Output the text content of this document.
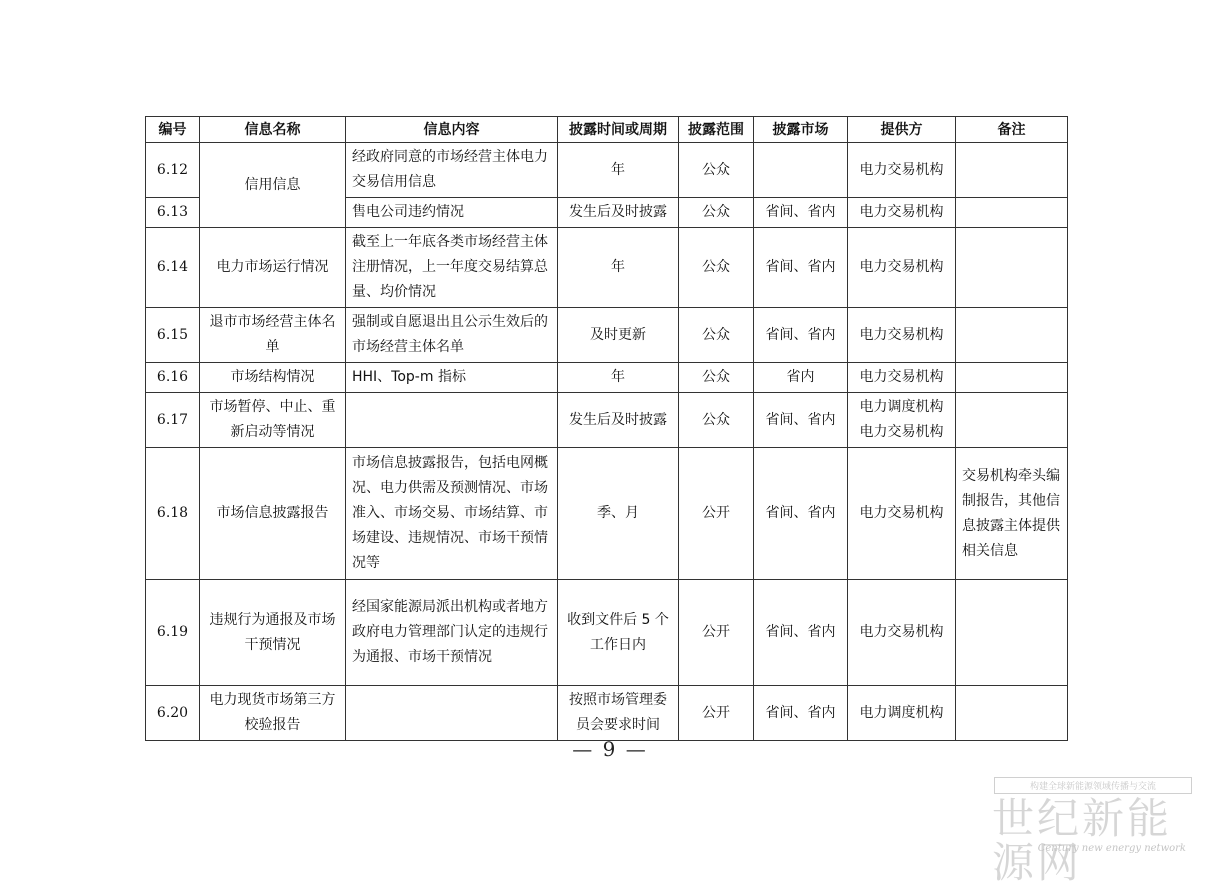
编号	信息名称	信息内容	披露时间或周期	披露范围	披露市场	提供方	备注
6.12	信用信息	经政府同意的市场经营主体电力交易信用信息	年	公众		电力交易机构	
6.13		售电公司违约情况	发生后及时披露	公众	省间、省内	电力交易机构	
6.14	电力市场运行情况	截至上一年底各类市场经营主体注册情况，上一年度交易结算总量、均价情况	年	公众	省间、省内	电力交易机构	
6.15	退市市场经营主体名单	强制或自愿退出且公示生效后的市场经营主体名单	及时更新	公众	省间、省内	电力交易机构	
6.16	市场结构情况	HHI、Top-m 指标	年	公众	省内	电力交易机构	
6.17	市场暂停、中止、重新启动等情况		发生后及时披露	公众	省间、省内	电力调度机构电力交易机构	
6.18	市场信息披露报告	市场信息披露报告，包括电网概况、电力供需及预测情况、市场准入、市场交易、市场结算、市场建设、违规情况、市场干预情况等	季、月	公开	省间、省内	电力交易机构	交易机构牵头编制报告，其他信息披露主体提供相关信息
6.19	违规行为通报及市场干预情况	经国家能源局派出机构或者地方政府电力管理部门认定的违规行为通报、市场干预情况	收到文件后 5 个工作日内	公开	省间、省内	电力交易机构	
6.20	电力现货市场第三方校验报告		按照市场管理委员会要求时间	公开	省间、省内	电力调度机构	
— 9 —
构建全球新能源领域传播与交流
世纪新能源网
Century new energy network
